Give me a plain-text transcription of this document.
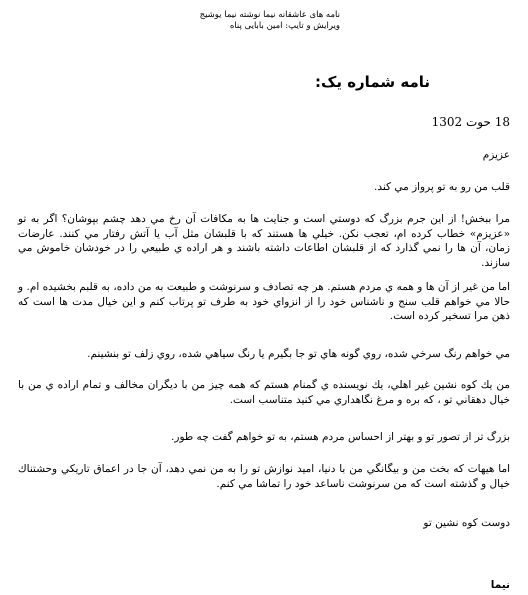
نامه های عاشقانه نیما نوشته نیما یوشیج
ویرایش و تایپ: امین بابایی پناه
نامه شماره يک:
18 حوت 1302
عزيزم

قلب من رو به تو پرواز مي کند.

مرا ببخش! از اين جرم بزرگ که دوستي است و جنايت ها به مکافات آن رخ مي دهد چشم بپوشان؟ اگر به تو «عزيزم» خطاب کرده ام، تعجب نکن. خيلي ها هستند که با قلبشان مثل آب يا آتش رفتار مي کنند. عارضات زمان، آن ها را نمي گذارد که از قلبشان اطاعات داشته باشند و هر اراده ي طبيعي را در خودشان خاموش مي سازند.

اما من غير از آن ها و همه ي مردم هستم. هر چه تصادف و سرنوشت و طبيعت به من داده، به قلبم بخشيده ام. و حالا مي خواهم قلب سنج و ناشناس خود را از انزواي خود به طرف تو پرتاب کنم و اين خيال مدت ها است که ذهن مرا تسخير کرده است.

مي خواهم رنگ سرخي شده، روي گونه هاي تو جا بگيرم يا رنگ سياهي شده، روي زلف تو بنشينم.

من يك كوه نشين غير اهلي، يك نويسنده ي گمنام هستم كه همه چيز من با ديگران مخالف و تمام اراده ي من با خيال دهقاني تو ، كه بره و مرغ نگاهداري مي كنيد متناسب است.

بزرگ تر از تصور تو و بهتر از احساس مردم هستم، به تو خواهم گفت چه طور.

اما هيهات كه بخت من و بيگانگي من با دنيا، اميد نوازش تو را به من نمي دهد، آن جا در اعماق تاريكي وحشتناك خيال و گذشته است كه من سرنوشت ناساعد خود را تماشا مي كنم.

دوست کوه نشين تو
نيما
